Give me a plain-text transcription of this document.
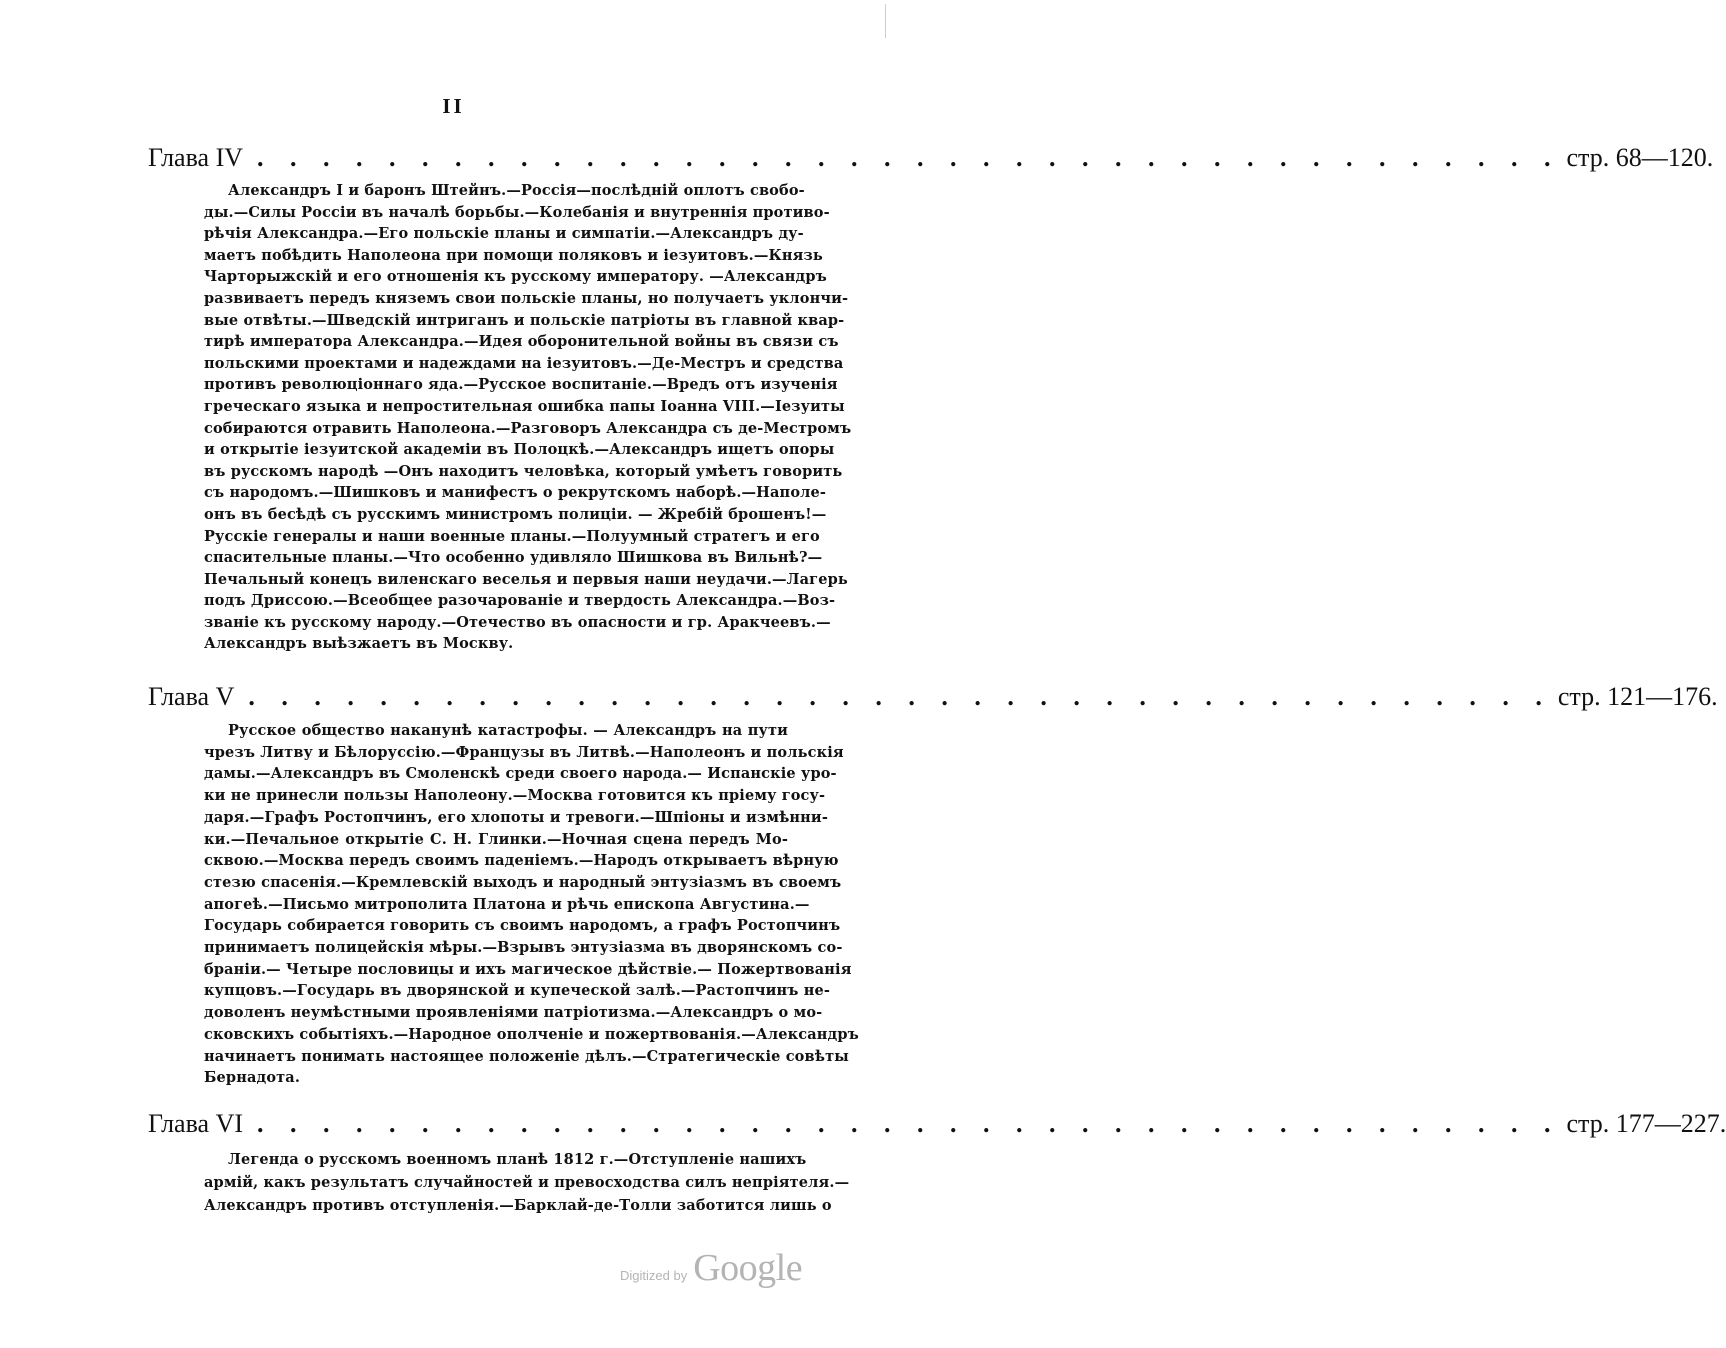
II
Глава IV . . . . . . . . . . . . . . . . . . . . . . . . . . . . . . . . . . . . . . . . стр. 68—120.
Александръ I и баронъ Штейнъ.—Россія—послѣдній оплотъ свобо-
ды.—Силы Россіи въ началѣ борьбы.—Колебанія и внутреннія противо-
рѣчія Александра.—Его польскіе планы и симпатіи.—Александръ ду-
маетъ побѣдить Наполеона при помощи поляковъ и іезуитовъ.—Князь
Чарторыжскій и его отношенія къ русскому императору. —Александръ
развиваетъ передъ княземъ свои польскіе планы, но получаетъ уклончи-
вые отвѣты.—Шведскій интриганъ и польскіе патріоты въ главной квар-
тирѣ императора Александра.—Идея оборонительной войны въ связи съ
польскими проектами и надеждами на іезуитовъ.—Де-Местръ и средства
противъ революціоннаго яда.—Русское воспитаніе.—Вредъ отъ изученія
греческаго языка и непростительная ошибка папы Іоанна VIII.—Іезуиты
собираются отравить Наполеона.—Разговоръ Александра съ де-Местромъ
и открытіе іезуитской академіи въ Полоцкѣ.—Александръ ищетъ опоры
въ русскомъ народѣ —Онъ находитъ человѣка, который умѣетъ говорить
съ народомъ.—Шишковъ и манифестъ о рекрутскомъ наборѣ.—Наполе-
онъ въ бесѣдѣ съ русскимъ министромъ полиціи. — Жребій брошенъ!—
Русскіе генералы и наши военные планы.—Полуумный стратегъ и его
спасительные планы.—Что особенно удивляло Шишкова въ Вильнѣ?—
Печальный конецъ виленскаго веселья и первыя наши неудачи.—Лагерь
подъ Дриссою.—Всеобщее разочарованіе и твердость Александра.—Воз-
званіе къ русскому народу.—Отечество въ опасности и гр. Аракчеевъ.—
Александръ выѣзжаетъ въ Москву.
Глава V . . . . . . . . . . . . . . . . . . . . . . . . . . . . . . . . . . . . . . . . стр. 121—176.
Русское общество наканунѣ катастрофы. — Александръ на пути
чрезъ Литву и Бѣлоруссію.—Французы въ Литвѣ.—Наполеонъ и польскія
дамы.—Александръ въ Смоленскѣ среди своего народа.— Испанскіе уро-
ки не принесли пользы Наполеону.—Москва готовится къ пріему госу-
даря.—Графъ Ростопчинъ, его хлопоты и тревоги.—Шпіоны и измѣнни-
ки.—Печальное открытіе С. Н. Глинки.—Ночная сцена передъ Мо-
сквою.—Москва передъ своимъ паденіемъ.—Народъ открываетъ вѣрную
стезю спасенія.—Кремлевскій выходъ и народный энтузіазмъ въ своемъ
апогеѣ.—Письмо митрополита Платона и рѣчь епископа Августина.—
Государь собирается говорить съ своимъ народомъ, а графъ Ростопчинъ
принимаетъ полицейскія мѣры.—Взрывъ энтузіазма въ дворянскомъ со-
браніи.— Четыре пословицы и ихъ магическое дѣйствіе.— Пожертвованія
купцовъ.—Государь въ дворянской и купеческой залѣ.—Растопчинъ не-
доволенъ неумѣстными проявленіями патріотизма.—Александръ о мо-
сковскихъ событіяхъ.—Народное ополченіе и пожертвованія.—Александръ
начинаетъ понимать настоящее положеніе дѣлъ.—Стратегическіе совѣты
Бернадота.
Глава VI . . . . . . . . . . . . . . . . . . . . . . . . . . . . . . . . . . . . . . . . стр. 177—227.
Легенда о русскомъ военномъ планѣ 1812 г.—Отступленіе нашихъ
армій, какъ результатъ случайностей и превосходства силъ непріятеля.—
Александръ противъ отступленія.—Барклай-де-Толли заботится лишь о
Digitized by Google
